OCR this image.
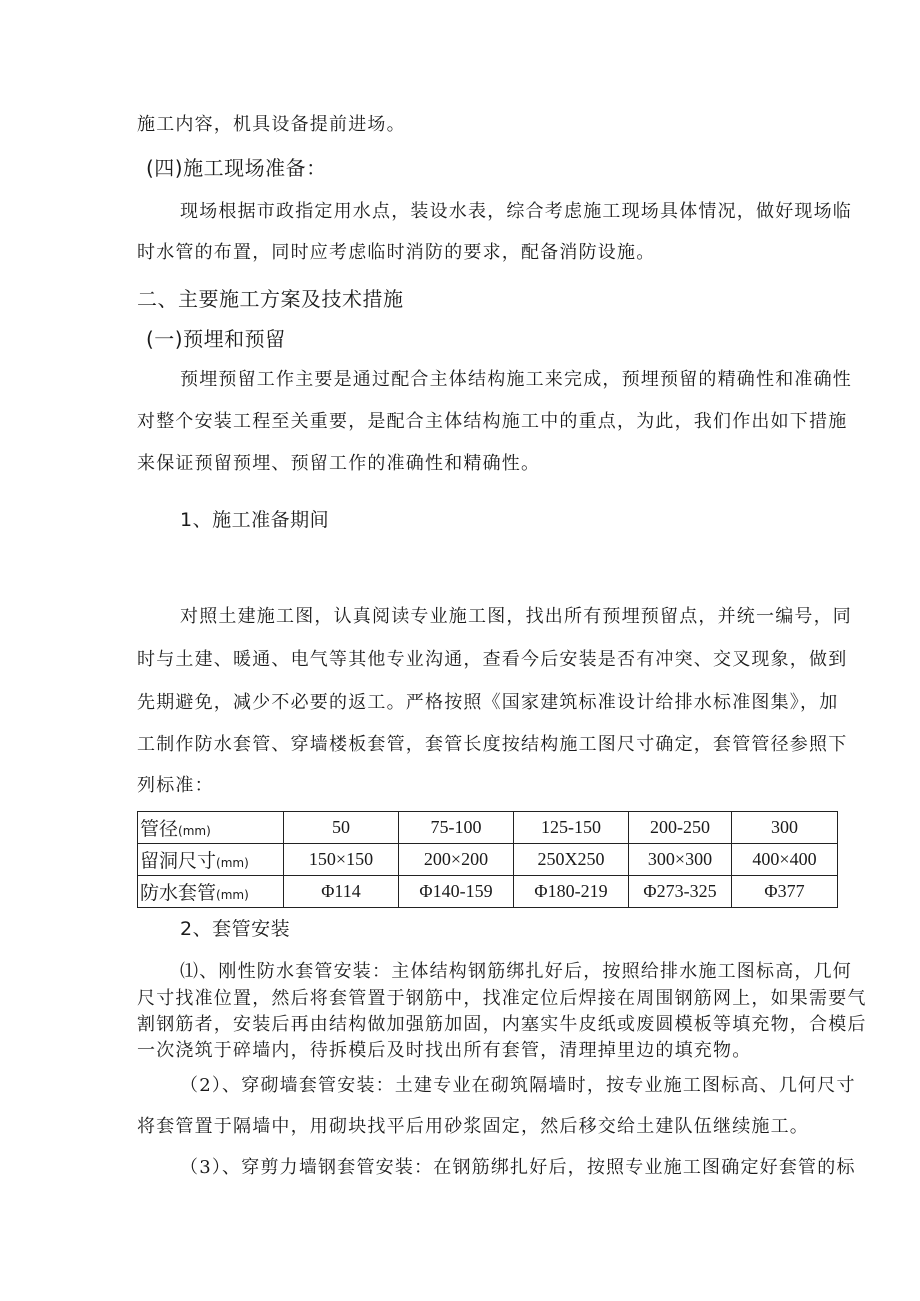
施工内容，机具设备提前进场。
(四)施工现场准备：
现场根据市政指定用水点，装设水表，综合考虑施工现场具体情况，做好现场临
时水管的布置，同时应考虑临时消防的要求，配备消防设施。
二、主要施工方案及技术措施
(一)预埋和预留
预埋预留工作主要是通过配合主体结构施工来完成，预埋预留的精确性和准确性
对整个安装工程至关重要，是配合主体结构施工中的重点，为此，我们作出如下措施
来保证预留预埋、预留工作的准确性和精确性。
1、施工准备期间
对照土建施工图，认真阅读专业施工图，找出所有预埋预留点，并统一编号，同
时与土建、暖通、电气等其他专业沟通，查看今后安装是否有冲突、交叉现象，做到
先期避免，减少不必要的返工。严格按照《国家建筑标准设计给排水标准图集》，加
工制作防水套管、穿墙楼板套管，套管长度按结构施工图尺寸确定，套管管径参照下
列标准：
管径(mm)	50	75-100	125-150	200-250	300
留洞尺寸(mm)	150×150	200×200	250X250	300×300	400×400
防水套管(mm)	Φ114	Φ140-159	Φ180-219	Φ273-325	Φ377
2、套管安装
⑴、刚性防水套管安装：主体结构钢筋绑扎好后，按照给排水施工图标高，几何
尺寸找准位置，然后将套管置于钢筋中，找准定位后焊接在周围钢筋网上，如果需要气
割钢筋者，安装后再由结构做加强筋加固，内塞实牛皮纸或废圆模板等填充物，合模后
一次浇筑于碎墙内，待拆模后及时找出所有套管，清理掉里边的填充物。
（2）、穿砌墙套管安装：土建专业在砌筑隔墙时，按专业施工图标高、几何尺寸
将套管置于隔墙中，用砌块找平后用砂浆固定，然后移交给土建队伍继续施工。
（3）、穿剪力墙钢套管安装：在钢筋绑扎好后，按照专业施工图确定好套管的标
